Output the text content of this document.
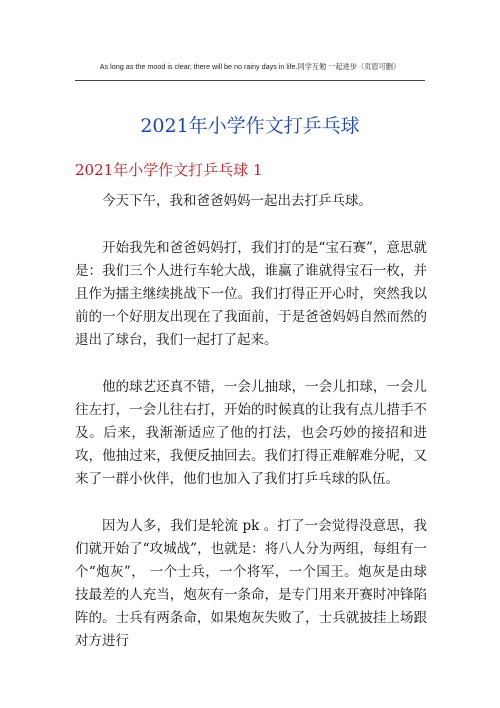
As long as the mood is clear, there will be no rainy days in life.同学互勉 一起进步（页眉可删）
2021年小学作文打乒乓球
2021年小学作文打乒乓球 1

今天下午，我和爸爸妈妈一起出去打乒乓球。

开始我先和爸爸妈妈打，我们打的是“宝石赛”，意思就是：我们三个人进行车轮大战，谁赢了谁就得宝石一枚，并且作为擂主继续挑战下一位。我们打得正开心时，突然我以前的一个好朋友出现在了我面前，于是爸爸妈妈自然而然的退出了球台，我们一起打了起来。

他的球艺还真不错，一会儿抽球，一会儿扣球，一会儿往左打，一会儿往右打，开始的时候真的让我有点儿措手不及。后来，我渐渐适应了他的打法，也会巧妙的接招和进攻，他抽过来，我便反抽回去。我们打得正难解难分呢，又来了一群小伙伴，他们也加入了我们打乒乓球的队伍。

因为人多，我们是轮流 pk 。打了一会觉得没意思，我们就开始了“攻城战”，也就是：将八人分为两组，每组有一个“炮灰”， 一个士兵，一个将军，一个国王。炮灰是由球技最差的人充当，炮灰有一条命，是专门用来开赛时冲锋陷阵的。士兵有两条命，如果炮灰失败了，士兵就披挂上场跟对方进行
